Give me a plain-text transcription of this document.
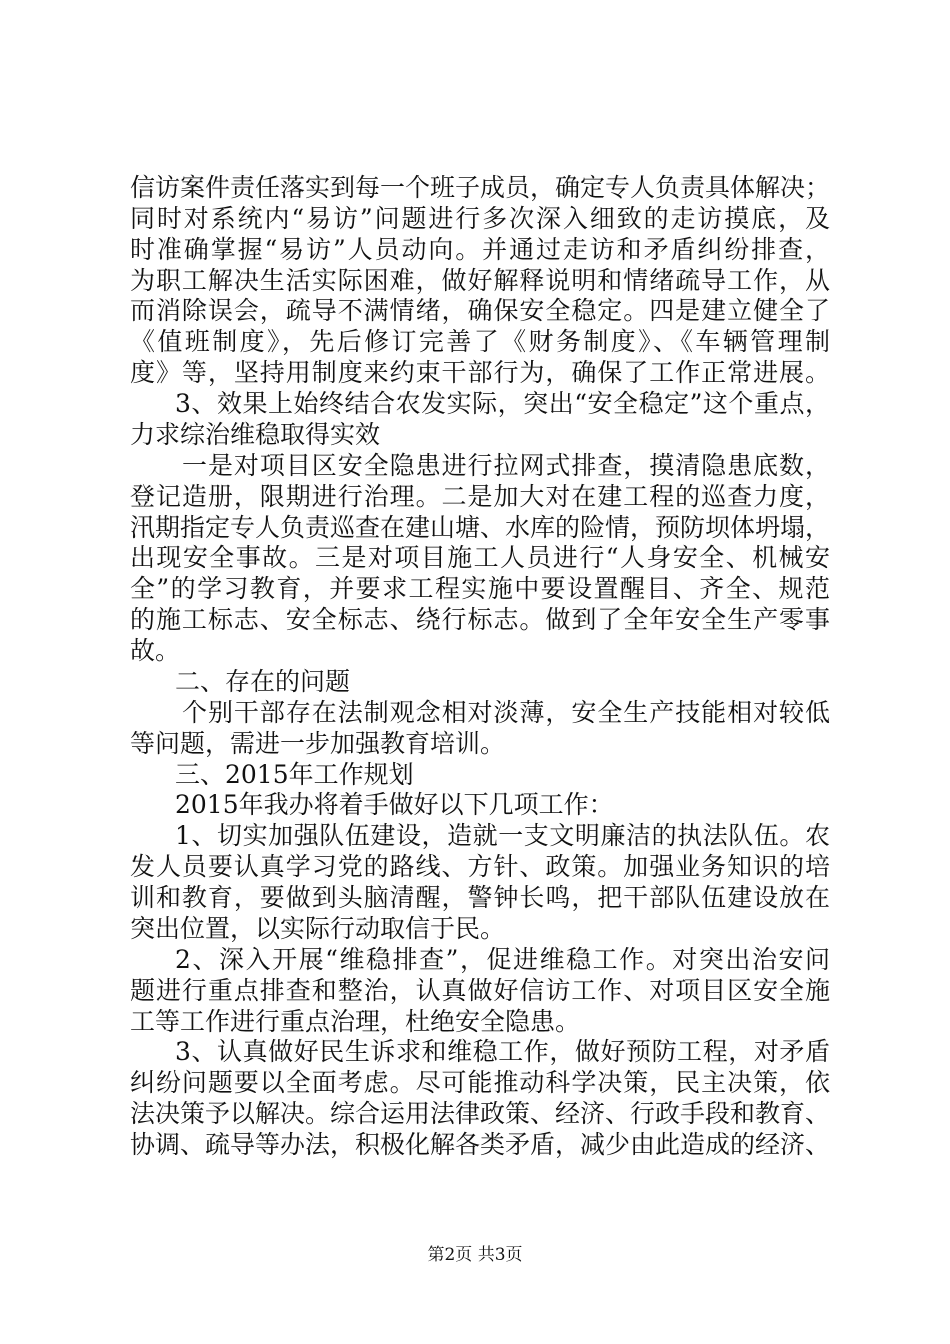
信访案件责任落实到每一个班子成员，确定专人负责具体解决；
同时对系统内“易访”问题进行多次深入细致的走访摸底，及
时准确掌握“易访”人员动向。并通过走访和矛盾纠纷排查，
为职工解决生活实际困难，做好解释说明和情绪疏导工作，从
而消除误会，疏导不满情绪，确保安全稳定。四是建立健全了
《值班制度》，先后修订完善了《财务制度》、《车辆管理制
度》等，坚持用制度来约束干部行为，确保了工作正常进展。
3、效果上始终结合农发实际，突出“安全稳定”这个重点，
力求综治维稳取得实效
一是对项目区安全隐患进行拉网式排查，摸清隐患底数，
登记造册，限期进行治理。二是加大对在建工程的巡查力度，
汛期指定专人负责巡查在建山塘、水库的险情，预防坝体坍塌，
出现安全事故。三是对项目施工人员进行“人身安全、机械安
全”的学习教育，并要求工程实施中要设置醒目、齐全、规范
的施工标志、安全标志、绕行标志。做到了全年安全生产零事
故。
二、存在的问题
个别干部存在法制观念相对淡薄，安全生产技能相对较低
等问题，需进一步加强教育培训。
三、2015年工作规划
2015年我办将着手做好以下几项工作：
1、切实加强队伍建设，造就一支文明廉洁的执法队伍。农
发人员要认真学习党的路线、方针、政策。加强业务知识的培
训和教育，要做到头脑清醒，警钟长鸣，把干部队伍建设放在
突出位置，以实际行动取信于民。
2、深入开展“维稳排查”，促进维稳工作。对突出治安问
题进行重点排查和整治，认真做好信访工作、对项目区安全施
工等工作进行重点治理，杜绝安全隐患。
3、认真做好民生诉求和维稳工作，做好预防工程，对矛盾
纠纷问题要以全面考虑。尽可能推动科学决策，民主决策，依
法决策予以解决。综合运用法律政策、经济、行政手段和教育、
协调、疏导等办法，积极化解各类矛盾，减少由此造成的经济、
第2页 共3页
